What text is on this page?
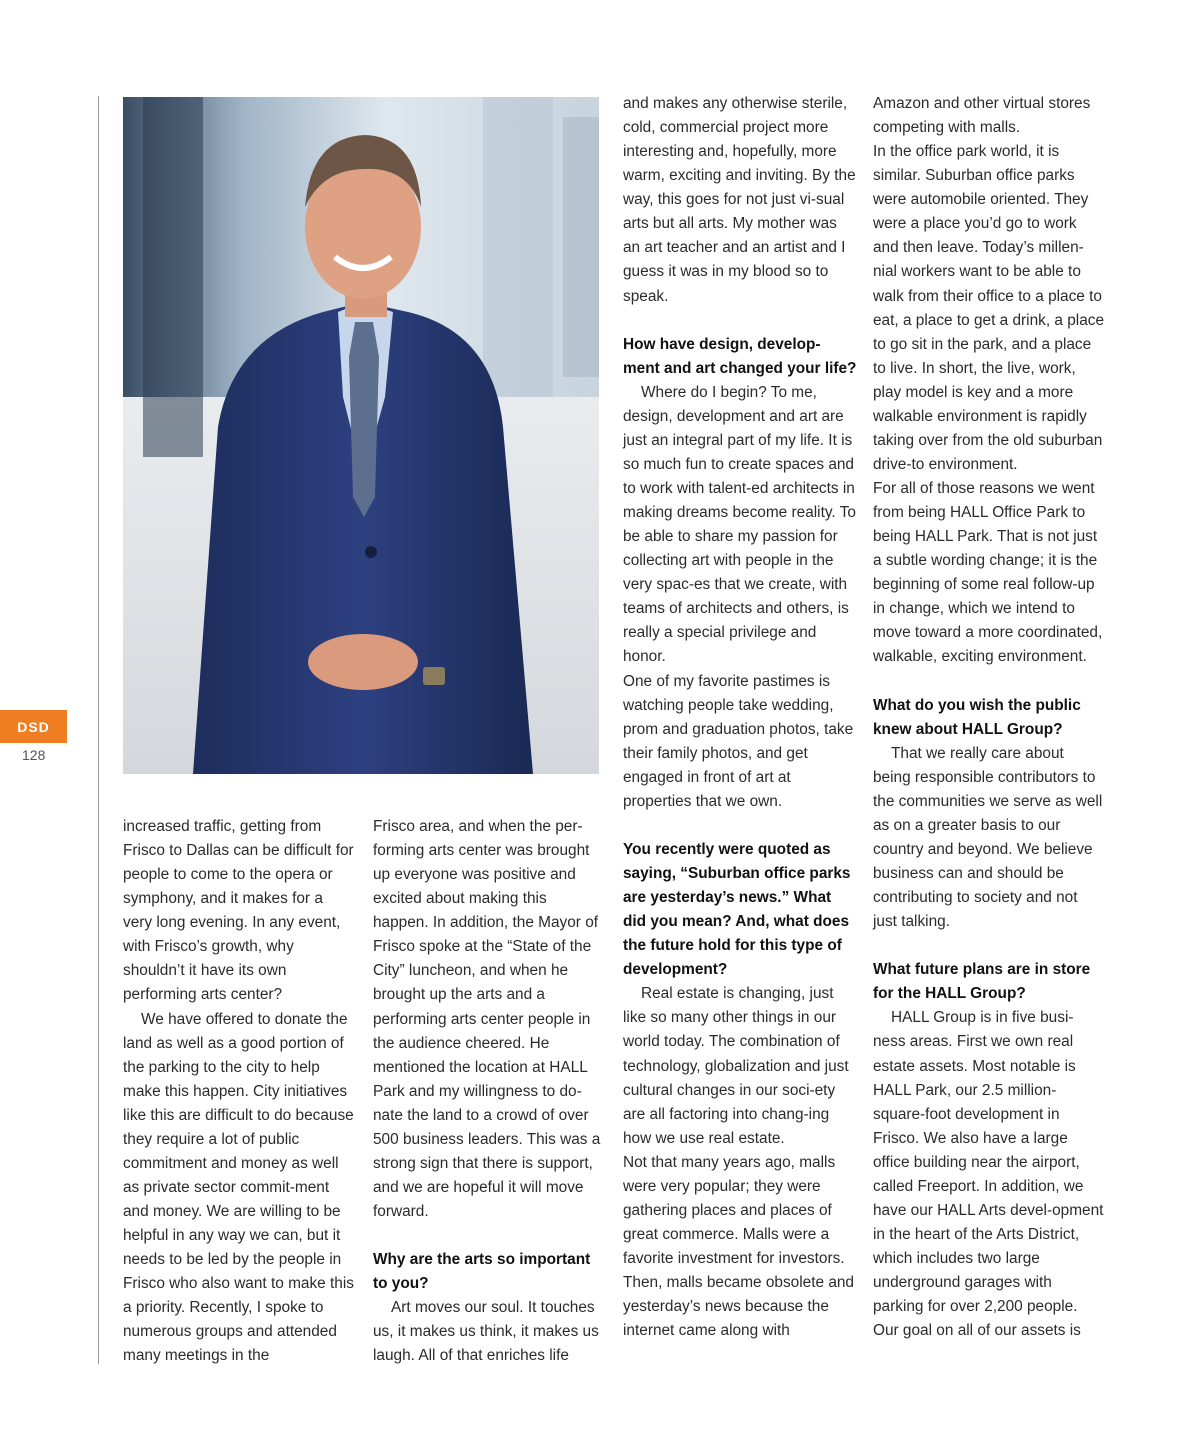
DSD
128

increased traffic, getting from Frisco to Dallas can be difficult for people to come to the opera or symphony, and it makes for a very long evening. In any event, with Frisco’s growth, why shouldn’t it have its own performing arts center?

We have offered to donate the land as well as a good portion of the parking to the city to help make this happen. City initiatives like this are difficult to do because they require a lot of public commitment and money as well as private sector commit-ment and money. We are willing to be helpful in any way we can, but it needs to be led by the people in Frisco who also want to make this a priority. Recently, I spoke to numerous groups and attended many meetings in the

Frisco area, and when the per-forming arts center was brought up everyone was positive and excited about making this happen. In addition, the Mayor of Frisco spoke at the “State of the City” luncheon, and when he brought up the arts and a performing arts center people in the audience cheered. He mentioned the location at HALL Park and my willingness to do-nate the land to a crowd of over 500 business leaders. This was a strong sign that there is support, and we are hopeful it will move forward.

Why are the arts so important to you?

Art moves our soul. It touches us, it makes us think, it makes us laugh. All of that enriches life

and makes any otherwise sterile, cold, commercial project more interesting and, hopefully, more warm, exciting and inviting. By the way, this goes for not just vi-sual arts but all arts. My mother was an art teacher and an artist and I guess it was in my blood so to speak.

How have design, develop-ment and art changed your life?

Where do I begin? To me, design, development and art are just an integral part of my life. It is so much fun to create spaces and to work with talent-ed architects in making dreams become reality. To be able to share my passion for collecting art with people in the very spac-es that we create, with teams of architects and others, is really a special privilege and honor.

One of my favorite pastimes is watching people take wedding, prom and graduation photos, take their family photos, and get engaged in front of art at properties that we own.

You recently were quoted as saying, “Suburban office parks are yesterday’s news.” What did you mean? And, what does the future hold for this type of development?

Real estate is changing, just like so many other things in our world today. The combination of technology, globalization and just cultural changes in our soci-ety are all factoring into chang-ing how we use real estate.

Not that many years ago, malls were very popular; they were gathering places and places of great commerce. Malls were a favorite investment for investors. Then, malls became obsolete and yesterday’s news because the internet came along with

Amazon and other virtual stores competing with malls.

In the office park world, it is similar. Suburban office parks were automobile oriented. They were a place you’d go to work and then leave. Today’s millen-nial workers want to be able to walk from their office to a place to eat, a place to get a drink, a place to go sit in the park, and a place to live. In short, the live, work, play model is key and a more walkable environment is rapidly taking over from the old suburban drive-to environment.

For all of those reasons we went from being HALL Office Park to being HALL Park. That is not just a subtle wording change; it is the beginning of some real follow-up in change, which we intend to move toward a more coordinated, walkable, exciting environment.

What do you wish the public knew about HALL Group?

That we really care about being responsible contributors to the communities we serve as well as on a greater basis to our country and beyond. We believe business can and should be contributing to society and not just talking.

What future plans are in store for the HALL Group?

HALL Group is in five busi-ness areas. First we own real estate assets. Most notable is HALL Park, our 2.5 million-square-foot development in Frisco. We also have a large office building near the airport, called Freeport. In addition, we have our HALL Arts devel-opment in the heart of the Arts District, which includes two large underground garages with parking for over 2,200 people. Our goal on all of our assets is
